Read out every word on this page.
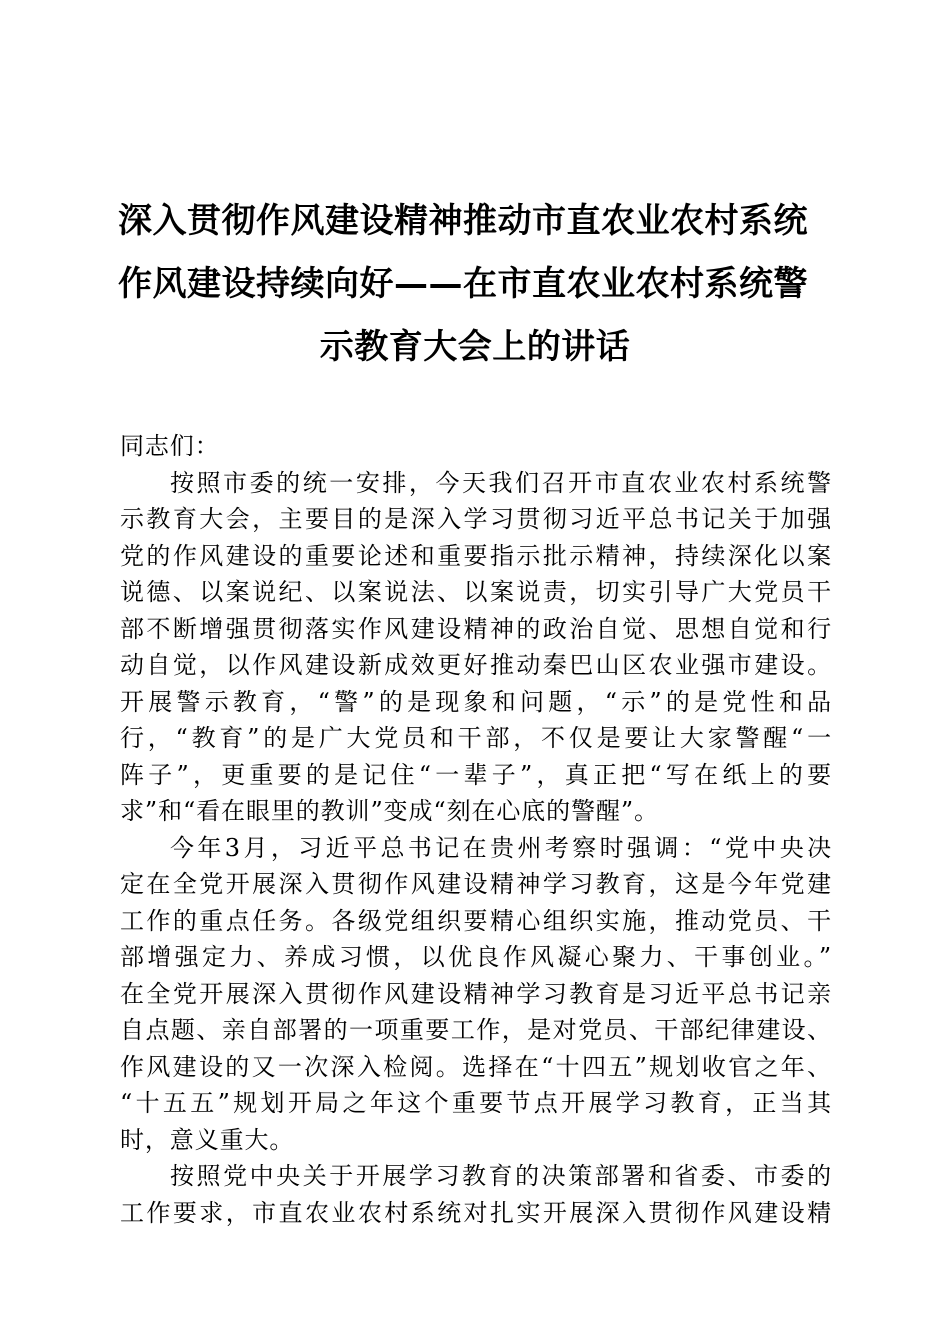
深入贯彻作风建设精神推动市直农业农村系统
作风建设持续向好——在市直农业农村系统警
示教育大会上的讲话
同志们：
按照市委的统一安排，今天我们召开市直农业农村系统警
示教育大会，主要目的是深入学习贯彻习近平总书记关于加强
党的作风建设的重要论述和重要指示批示精神，持续深化以案
说德、以案说纪、以案说法、以案说责，切实引导广大党员干
部不断增强贯彻落实作风建设精神的政治自觉、思想自觉和行
动自觉，以作风建设新成效更好推动秦巴山区农业强市建设。
开展警示教育，“警”的是现象和问题，“示”的是党性和品
行，“教育”的是广大党员和干部，不仅是要让大家警醒“一
阵子”，更重要的是记住“一辈子”，真正把“写在纸上的要
求”和“看在眼里的教训”变成“刻在心底的警醒”。
今年3月，习近平总书记在贵州考察时强调：“党中央决
定在全党开展深入贯彻作风建设精神学习教育，这是今年党建
工作的重点任务。各级党组织要精心组织实施，推动党员、干
部增强定力、养成习惯，以优良作风凝心聚力、干事创业。”
在全党开展深入贯彻作风建设精神学习教育是习近平总书记亲
自点题、亲自部署的一项重要工作，是对党员、干部纪律建设、
作风建设的又一次深入检阅。选择在“十四五”规划收官之年、
“十五五”规划开局之年这个重要节点开展学习教育，正当其
时，意义重大。
按照党中央关于开展学习教育的决策部署和省委、市委的
工作要求，市直农业农村系统对扎实开展深入贯彻作风建设精
